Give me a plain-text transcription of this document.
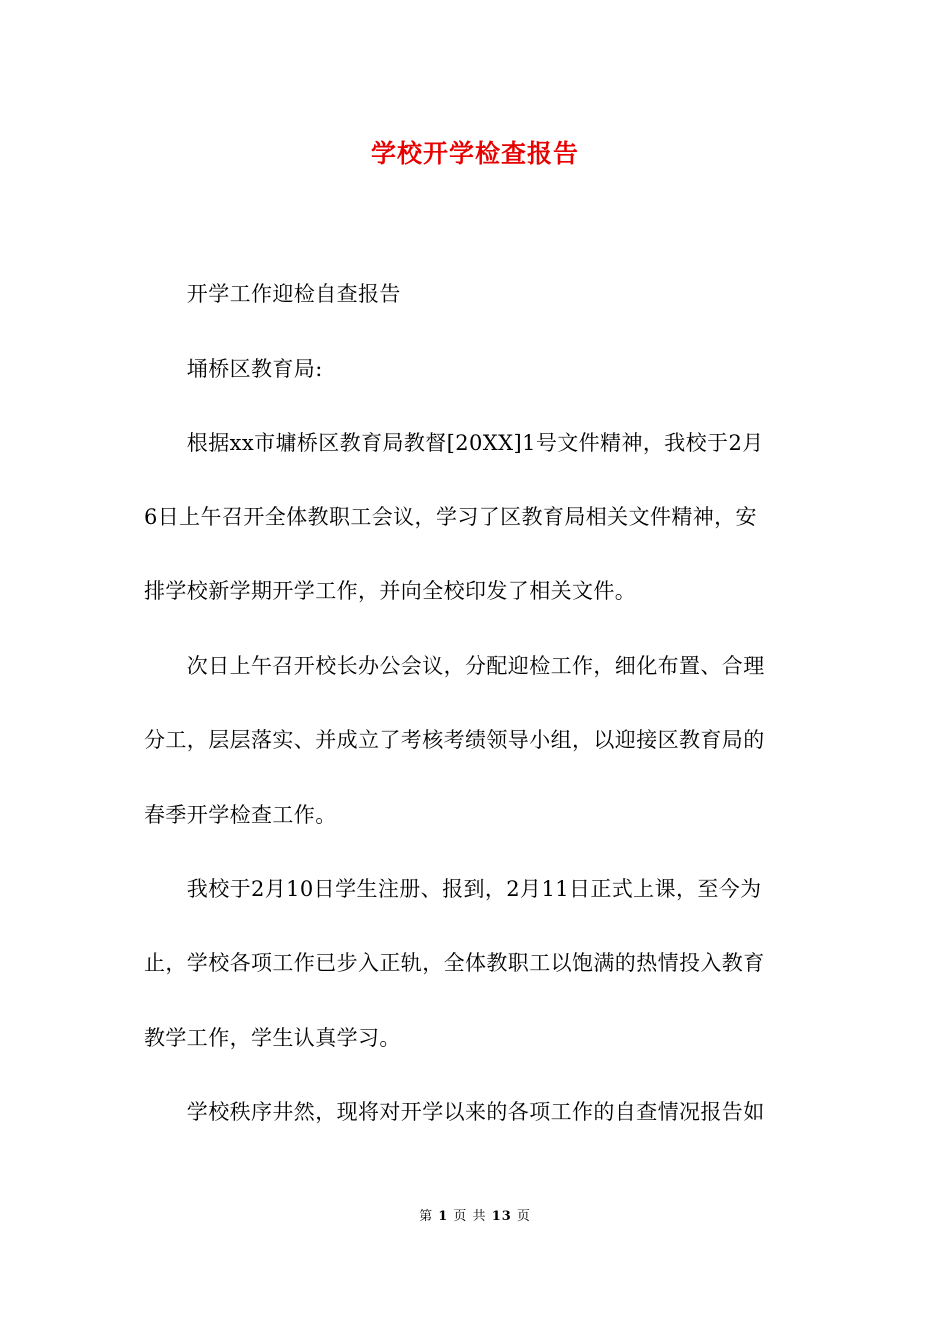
学校开学检查报告
　　开学工作迎检自查报告
　　埇桥区教育局:
　　根据xx市墉桥区教育局教督[20XX]1号文件精神，我校于2月
6日上午召开全体教职工会议，学习了区教育局相关文件精神，安
排学校新学期开学工作，并向全校印发了相关文件。
　　次日上午召开校长办公会议，分配迎检工作，细化布置、合理
分工，层层落实、并成立了考核考绩领导小组，以迎接区教育局的
春季开学检查工作。
　　我校于2月10日学生注册、报到，2月11日正式上课，至今为
止，学校各项工作已步入正轨，全体教职工以饱满的热情投入教育
教学工作，学生认真学习。
　　学校秩序井然，现将对开学以来的各项工作的自查情况报告如
第 1 页 共 13 页
